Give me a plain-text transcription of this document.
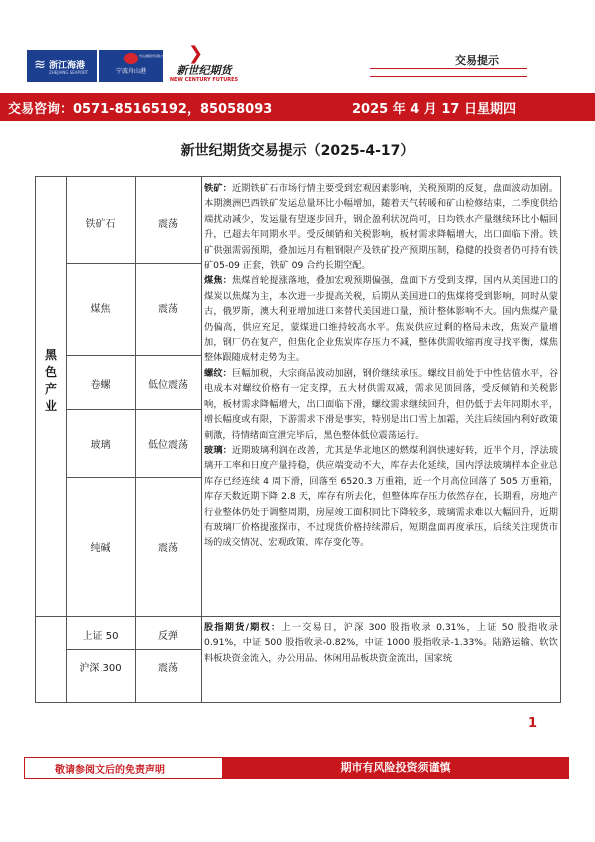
≋ 浙江海港
ZHEJIANG SEAPORT
舟山港股份有限公司 宁波舟山港
宁波舟山港
❯
新世纪期货
NEW CENTURY FUTURES
交易提示
交易咨询：0571-85165192，85058093	2025 年 4 月 17 日星期四
新世纪期货交易提示（2025-4-17）
黑
色
产
业
铁矿石	震荡
煤焦	震荡
卷螺	低位震荡
玻璃	低位震荡
纯碱	震荡
上证 50	反弹
沪深 300	震荡

铁矿：近期铁矿石市场行情主要受到宏观因素影响，关税预期的反复，盘面波动加剧。本期澳洲巴西铁矿发运总量环比小幅增加，随着天气转暖和矿山检修结束，二季度供给端扰动减少，发运量有望逐步回升，钢企盈利状况尚可，日均铁水产量继续环比小幅回升，已超去年同期水平。受反倾销和关税影响，板材需求降幅增大，出口面临下滑。铁矿供强需弱预期，叠加远月有粗钢限产及铁矿投产预期压制，稳健的投资者仍可持有铁矿05-09 正套，铁矿 09 合约长期空配。

煤焦：焦煤首轮提涨落地，叠加宏观预期偏强，盘面下方受到支撑，国内从美国进口的煤炭以焦煤为主，本次进一步提高关税，后期从美国进口的焦煤将受到影响，同时从蒙古，俄罗斯，澳大利亚增加进口来替代美国进口量，预计整体影响不大。国内焦煤产量仍偏高，供应充足，蒙煤进口维持较高水平。焦炭供应过剩的格局未改，焦炭产量增加，钢厂仍在复产，但焦化企业焦炭库存压力不减，整体供需收缩再度寻找平衡，煤焦整体跟随成材走势为主。

螺纹：巨幅加税，大宗商品波动加剧，钢价继续承压。螺纹目前处于中性估值水平，谷电成本对螺纹价格有一定支撑，五大材供需双减，需求见顶回落，受反倾销和关税影响，板材需求降幅增大，出口面临下滑，螺纹需求继续回升，但仍低于去年同期水平，增长幅度或有限，下游需求下滑是事实，特别是出口雪上加霜，关注后续国内利好政策刺激，待情绪面宣泄完毕后，黑色整体低位震荡运行。

玻璃：近期玻璃利润在改善，尤其是华北地区的燃煤利润快速好转，近半个月，浮法玻璃开工率和日度产量持稳，供应端变动不大，库存去化延续，国内浮法玻璃样本企业总库存已经连续 4 周下滑，回落至 6520.3 万重箱，近一个月高位回落了 505 万重箱，库存天数近期下降 2.8 天，库存有所去化，但整体库存压力依然存在，长期看，房地产行业整体仍处于调整周期，房屋竣工面积同比下降较多，玻璃需求难以大幅回升，近期有玻璃厂价格提涨探市，不过现货价格持续滞后，短期盘面再度承压，后续关注现货市场的成交情况、宏观政策、库存变化等。

股指期货/期权：上一交易日，沪深 300 股指收录 0.31%，上证 50 股指收录 0.91%，中证 500 股指收录-0.82%，中证 1000 股指收录-1.33%。陆路运输、软饮料板块资金流入，办公用品、休闲用品板块资金流出，国家统

1
敬请参阅文后的免责声明	期市有风险投资须谨慎
